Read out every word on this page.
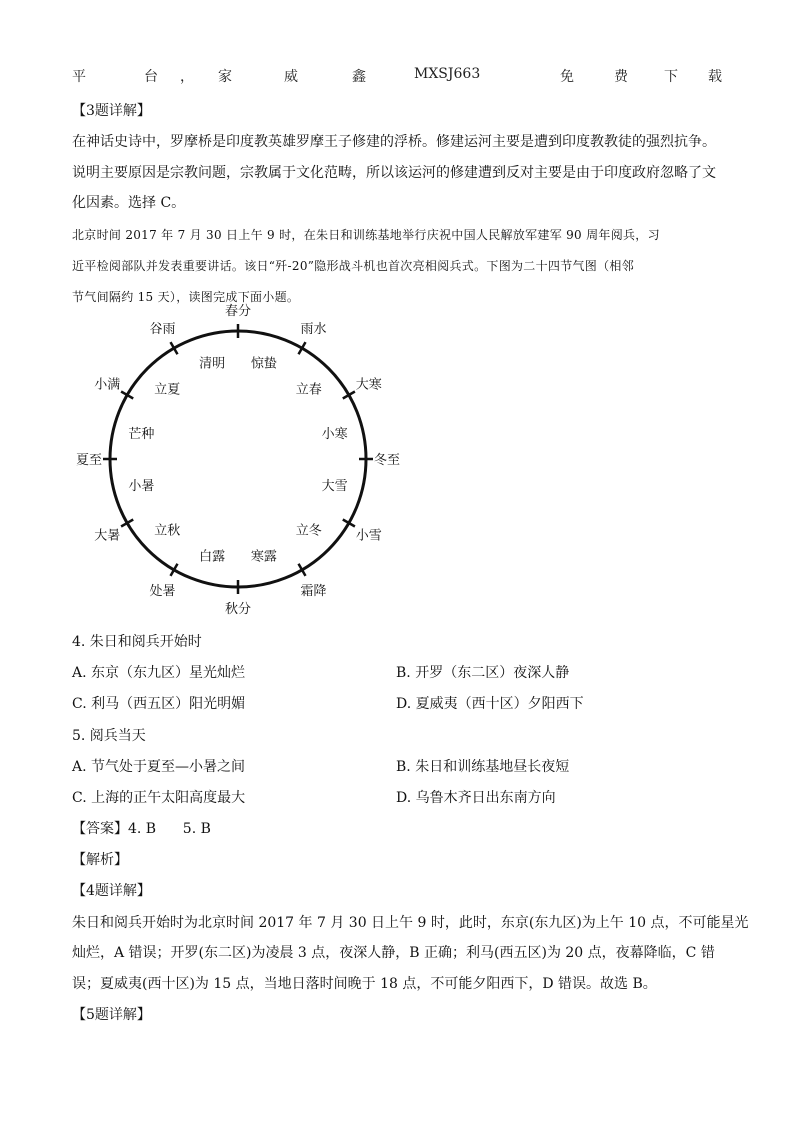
平	台 ， 家	威	鑫	MXSJ663	免	费	下 载
【3题详解】
在神话史诗中，罗摩桥是印度教英雄罗摩王子修建的浮桥。修建运河主要是遭到印度教教徒的强烈抗争。
说明主要原因是宗教问题，宗教属于文化范畴，所以该运河的修建遭到反对主要是由于印度政府忽略了文
化因素。选择 C。
北京时间 2017 年 7 月 30 日上午 9 时，在朱日和训练基地举行庆祝中国人民解放军建军 90 周年阅兵，习
近平检阅部队并发表重要讲话。该日“歼-20”隐形战斗机也首次亮相阅兵式。下图为二十四节气图（相邻
节气间隔约 15 天），读图完成下面小题。
春分
雨水
大寒
冬至
小雪
霜降
秋分
处暑
大暑
夏至
小满
谷雨
惊蛰
立春
小寒
大雪
立冬
寒露
白露
立秋
小暑
芒种
立夏
清明
4. 朱日和阅兵开始时
A. 东京（东九区）星光灿烂	B. 开罗（东二区）夜深人静
C. 利马（西五区）阳光明媚	D. 夏威夷（西十区）夕阳西下
5. 阅兵当天
A. 节气处于夏至—小暑之间	B. 朱日和训练基地昼长夜短
C. 上海的正午太阳高度最大	D. 乌鲁木齐日出东南方向
【答案】4. B      5. B
【解析】
【4题详解】
朱日和阅兵开始时为北京时间 2017 年 7 月 30 日上午 9 时，此时，东京(东九区)为上午 10 点，不可能星光
灿烂，A 错误；开罗(东二区)为凌晨 3 点，夜深人静，B 正确；利马(西五区)为 20 点，夜幕降临，C 错
误；夏威夷(西十区)为 15 点，当地日落时间晚于 18 点，不可能夕阳西下，D 错误。故选 B。
【5题详解】
